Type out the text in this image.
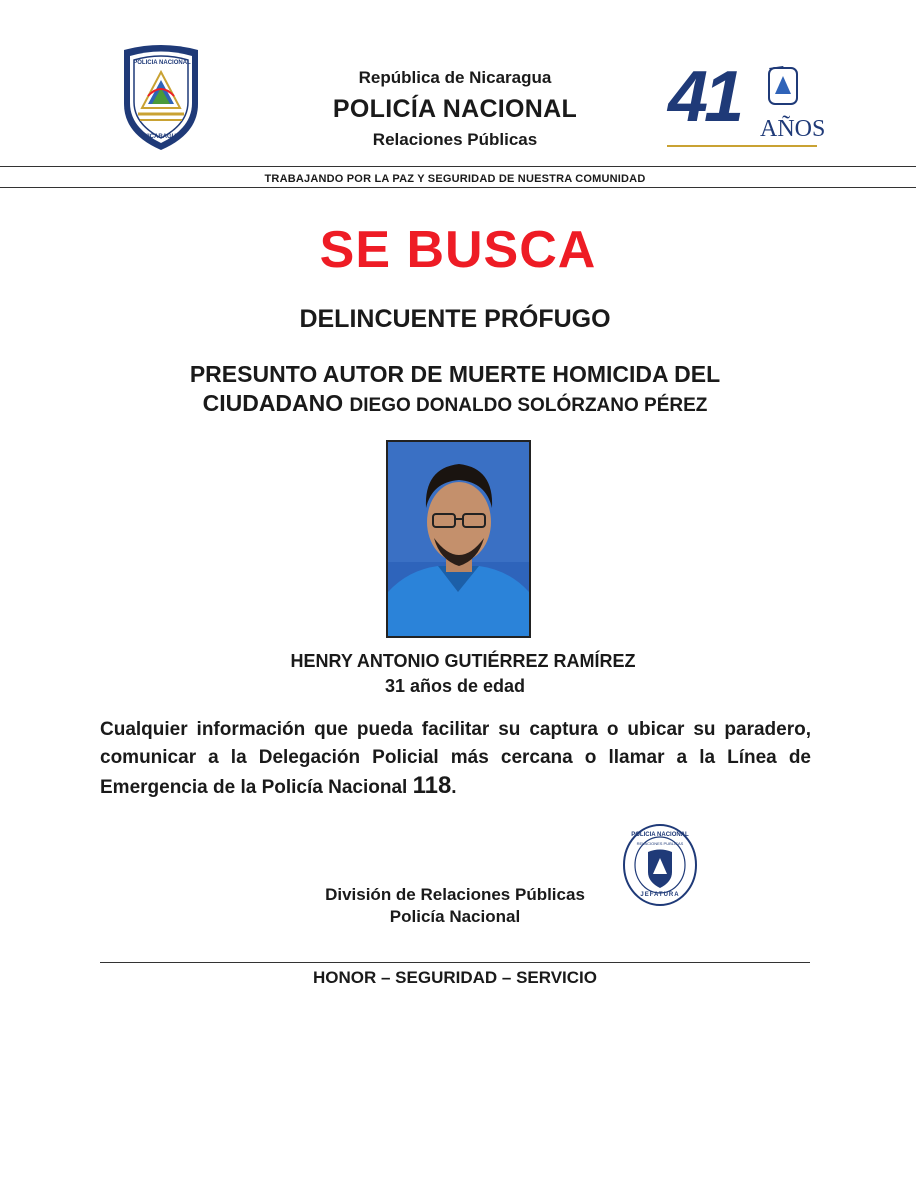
POLICIA NACIONAL
NICARAGUA
República de Nicaragua
POLICÍA NACIONAL
Relaciones Públicas
41 AÑOS
TRABAJANDO POR LA PAZ Y SEGURIDAD DE NUESTRA COMUNIDAD
SE BUSCA
DELINCUENTE PRÓFUGO
PRESUNTO AUTOR DE MUERTE HOMICIDA DEL
CIUDADANO DIEGO DONALDO SOLÓRZANO PÉREZ
HENRY ANTONIO GUTIÉRREZ RAMÍREZ
31 años de edad
Cualquier información que pueda facilitar su captura o ubicar su paradero, comunicar a la Delegación Policial más cercana o llamar a la Línea de Emergencia de la Policía Nacional 118.
POLICIA NACIONAL
RELACIONES PUBLICAS
JEFATURA
División de Relaciones Públicas
Policía Nacional
HONOR – SEGURIDAD – SERVICIO
